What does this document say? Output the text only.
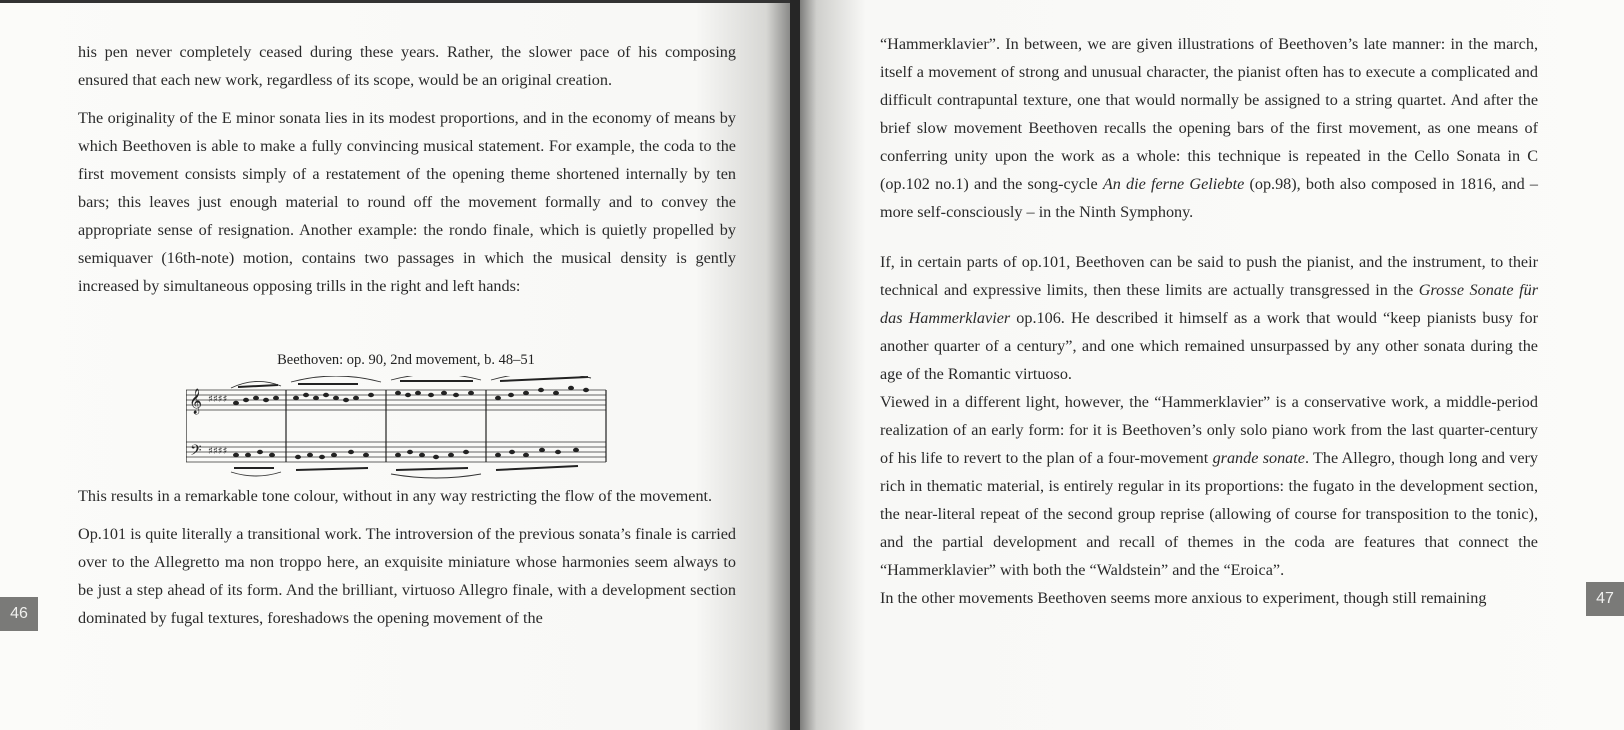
his pen never completely ceased during these years. Rather, the slower pace of his composing ensured that each new work, regardless of its scope, would be an original creation.

The originality of the E minor sonata lies in its modest proportions, and in the economy of means by which Beethoven is able to make a fully convincing musical statement. For example, the coda to the first movement consists simply of a restatement of the opening theme shortened internally by ten bars; this leaves just enough material to round off the movement formally and to convey the appropriate sense of resignation. Another example: the rondo finale, which is quietly propelled by semiquaver (16th-note) motion, contains two passages in which the musical density is gently increased by simultaneous opposing trills in the right and left hands:

Beethoven: op. 90, 2nd movement, b. 48–51
𝄞
𝄢
♯♯♯♯
♯♯♯♯

This results in a remarkable tone colour, without in any way restricting the flow of the movement.

Op.101 is quite literally a transitional work. The introversion of the previous sonata’s finale is carried over to the Allegretto ma non troppo here, an exquisite miniature whose harmonies seem always to be just a step ahead of its form. And the brilliant, virtuoso Allegro finale, with a development section dominated by fugal textures, foreshadows the opening movement of the

46

“Hammerklavier”. In between, we are given illustrations of Beethoven’s late manner: in the march, itself a movement of strong and unusual character, the pianist often has to execute a complicated and difficult contrapuntal texture, one that would normally be assigned to a string quartet. And after the brief slow movement Beethoven recalls the opening bars of the first movement, as one means of conferring unity upon the work as a whole: this technique is repeated in the Cello Sonata in C (op.102 no.1) and the song-cycle An die ferne Geliebte (op.98), both also composed in 1816, and – more self-consciously – in the Ninth Symphony.

If, in certain parts of op.101, Beethoven can be said to push the pianist, and the instrument, to their technical and expressive limits, then these limits are actually transgressed in the Grosse Sonate für das Hammerklavier op.106. He described it himself as a work that would “keep pianists busy for another quarter of a century”, and one which remained unsurpassed by any other sonata during the age of the Romantic virtuoso.

Viewed in a different light, however, the “Hammerklavier” is a conservative work, a middle-period realization of an early form: for it is Beethoven’s only solo piano work from the last quarter-century of his life to revert to the plan of a four-movement grande sonate. The Allegro, though long and very rich in thematic material, is entirely regular in its proportions: the fugato in the development section, the near-literal repeat of the second group reprise (allowing of course for transposition to the tonic), and the partial development and recall of themes in the coda are features that connect the “Hammerklavier” with both the “Waldstein” and the “Eroica”.

In the other movements Beethoven seems more anxious to experiment, though still remaining	47
